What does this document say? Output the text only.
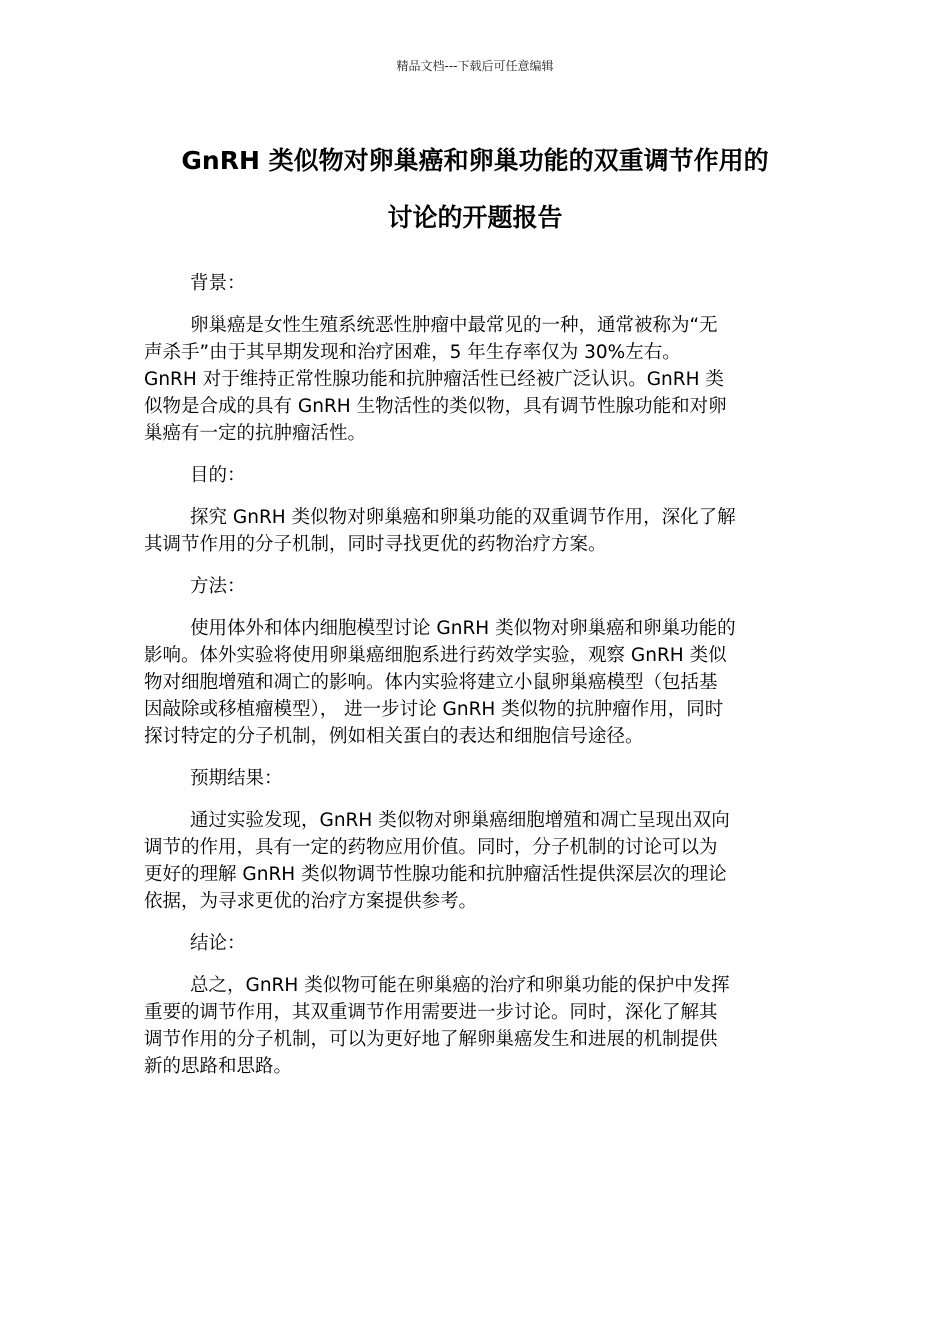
精品文档---下载后可任意编辑
GnRH 类似物对卵巢癌和卵巢功能的双重调节作用的
讨论的开题报告
背景：
卵巢癌是女性生殖系统恶性肿瘤中最常见的一种，通常被称为“无
声杀手”由于其早期发现和治疗困难，5 年生存率仅为 30%左右。
GnRH 对于维持正常性腺功能和抗肿瘤活性已经被广泛认识。GnRH 类
似物是合成的具有 GnRH 生物活性的类似物，具有调节性腺功能和对卵
巢癌有一定的抗肿瘤活性。
目的：
探究 GnRH 类似物对卵巢癌和卵巢功能的双重调节作用，深化了解
其调节作用的分子机制，同时寻找更优的药物治疗方案。
方法：
使用体外和体内细胞模型讨论 GnRH 类似物对卵巢癌和卵巢功能的
影响。体外实验将使用卵巢癌细胞系进行药效学实验，观察 GnRH 类似
物对细胞增殖和凋亡的影响。体内实验将建立小鼠卵巢癌模型（包括基
因敲除或移植瘤模型）， 进一步讨论 GnRH 类似物的抗肿瘤作用，同时
探讨特定的分子机制，例如相关蛋白的表达和细胞信号途径。
预期结果：
通过实验发现，GnRH 类似物对卵巢癌细胞增殖和凋亡呈现出双向
调节的作用，具有一定的药物应用价值。同时，分子机制的讨论可以为
更好的理解 GnRH 类似物调节性腺功能和抗肿瘤活性提供深层次的理论
依据，为寻求更优的治疗方案提供参考。
结论：
总之，GnRH 类似物可能在卵巢癌的治疗和卵巢功能的保护中发挥
重要的调节作用，其双重调节作用需要进一步讨论。同时，深化了解其
调节作用的分子机制，可以为更好地了解卵巢癌发生和进展的机制提供
新的思路和思路。
